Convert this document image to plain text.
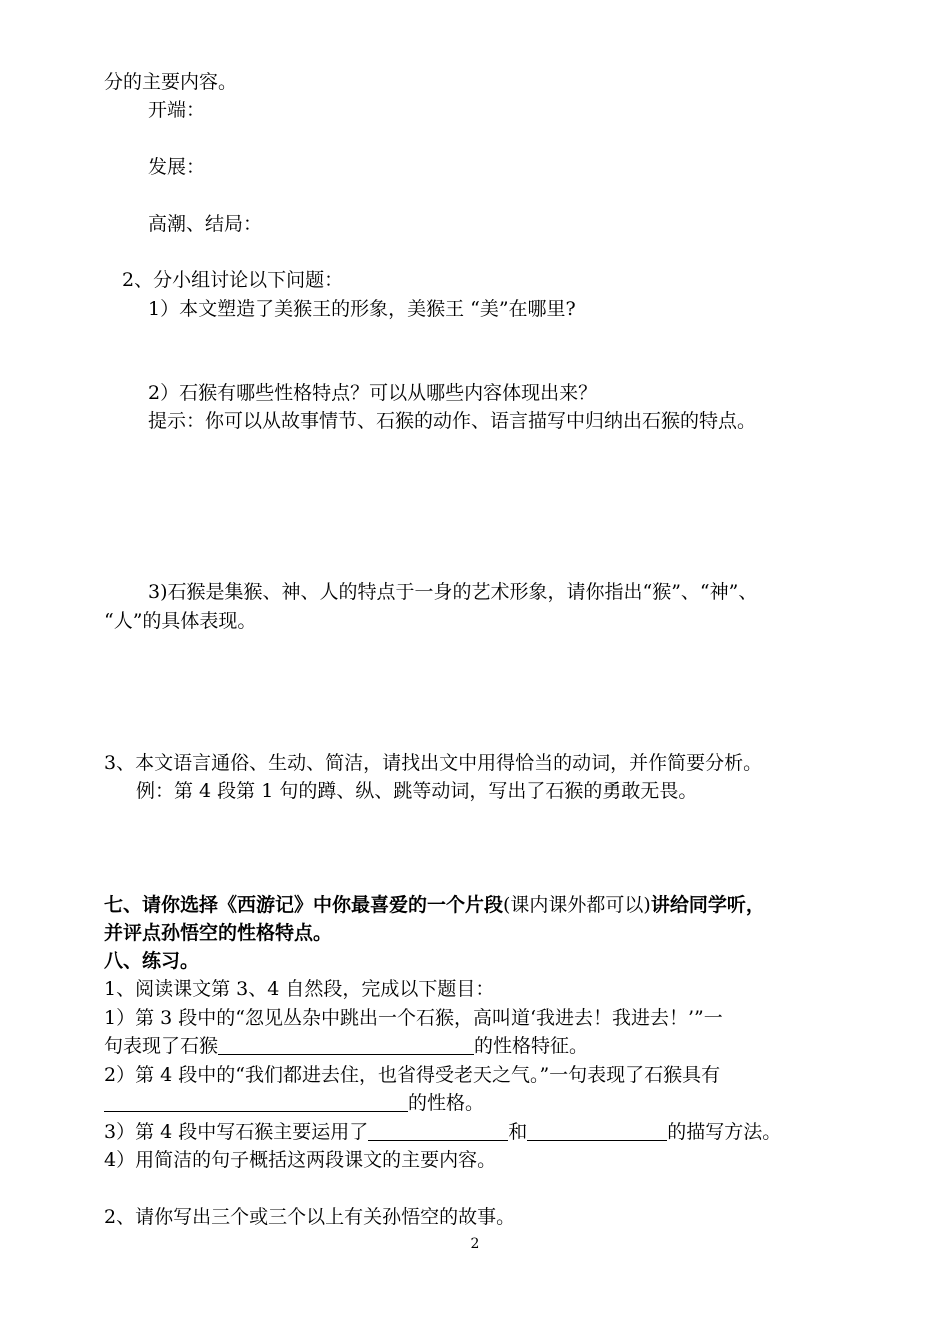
分的主要内容。
开端：
发展：
高潮、结局：
2、分小组讨论以下问题：
1）本文塑造了美猴王的形象，美猴王 “美”在哪里?
2）石猴有哪些性格特点？可以从哪些内容体现出来？
提示：你可以从故事情节、石猴的动作、语言描写中归纳出石猴的特点。
3)石猴是集猴、神、人的特点于一身的艺术形象，请你指出“猴”、“神”、
“人”的具体表现。
3、本文语言通俗、生动、简洁，请找出文中用得恰当的动词，并作简要分析。
例：第 4 段第 1 句的蹲、纵、跳等动词，写出了石猴的勇敢无畏。
七、请你选择《西游记》中你最喜爱的一个片段(课内课外都可以)讲给同学听，
并评点孙悟空的性格特点。
八、练习。
1、阅读课文第 3、4 自然段，完成以下题目：
1）第 3 段中的“忽见丛杂中跳出一个石猴，高叫道‘我进去！我进去！’”一
句表现了石猴	的性格特征。
2）第 4 段中的“我们都进去住，也省得受老天之气。”一句表现了石猴具有
的性格。
3）第 4 段中写石猴主要运用了	和	的描写方法。
4）用简洁的句子概括这两段课文的主要内容。
2、请你写出三个或三个以上有关孙悟空的故事。
2
